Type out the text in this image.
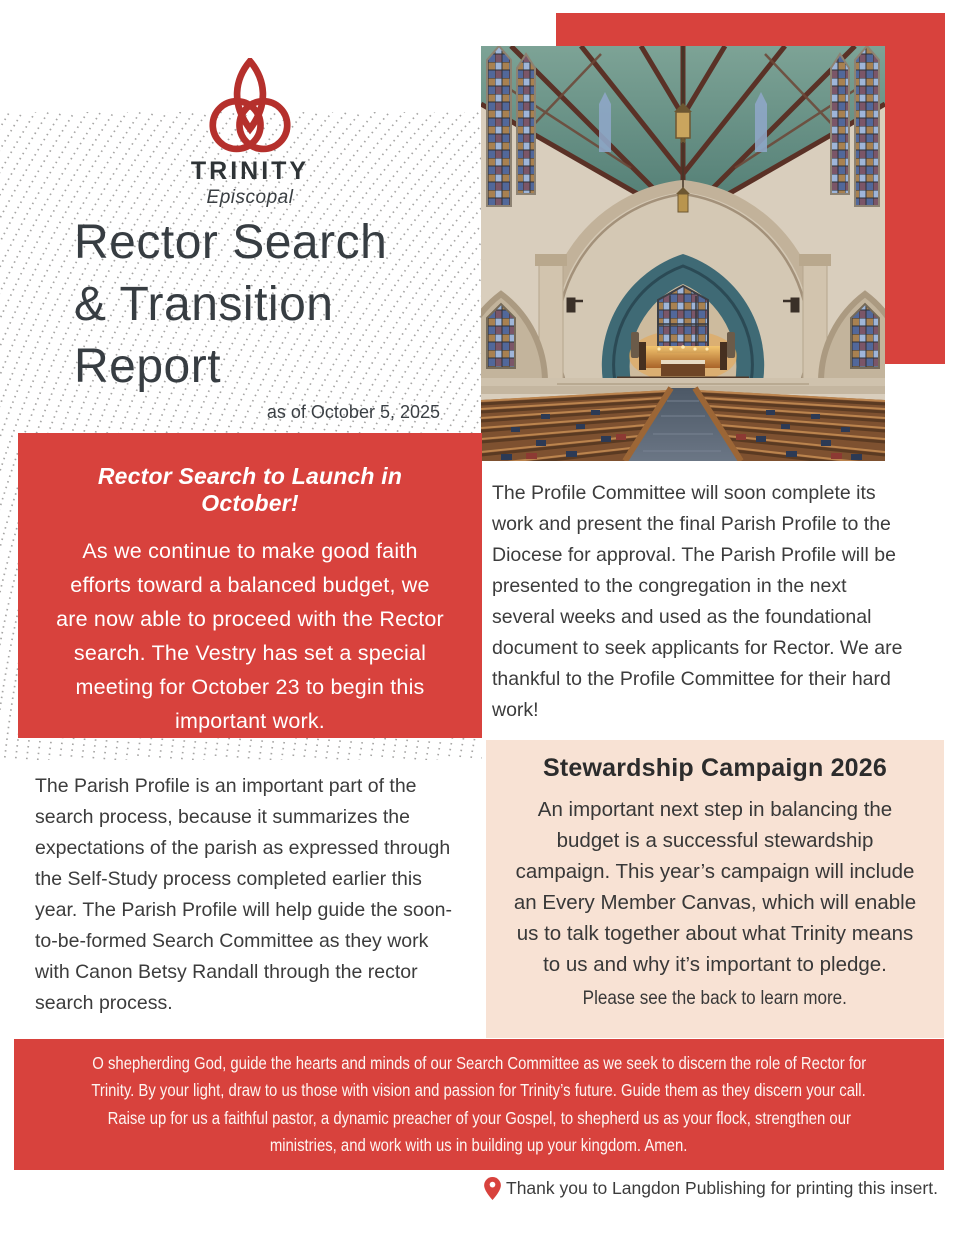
TRINITY
Episcopal
Rector Search
& Transition
Report
as of October 5, 2025
Rector Search to Launch in October!

As we continue to make good faith efforts toward a balanced budget, we are now able to proceed with the Rector search. The Vestry has set a special meeting for October 23 to begin this important work.

The Profile Committee will soon complete its work and present the final Parish Profile to the Diocese for approval. The Parish Profile will be presented to the congregation in the next several weeks and used as the foundational document to seek applicants for Rector. We are thankful to the Profile Committee for their hard work!

The Parish Profile is an important part of the search process, because it summarizes the expectations of the parish as expressed through the Self-Study process completed earlier this year. The Parish Profile will help guide the soon-to-be-formed Search Committee as they work with Canon Betsy Randall through the rector search process.

Stewardship Campaign 2026

An important next step in balancing the budget is a successful stewardship campaign. This year’s campaign will include an Every Member Canvas, which will enable us to talk together about what Trinity means to us and why it’s important to pledge.

Please see the back to learn more.

O shepherding God, guide the hearts and minds of our Search Committee as we seek to discern the role of Rector for
Trinity. By your light, draw to us those with vision and passion for Trinity’s future. Guide them as they discern your call.
Raise up for us a faithful pastor, a dynamic preacher of your Gospel, to shepherd us as your flock, strengthen our
ministries, and work with us in building up your kingdom. Amen.
Thank you to Langdon Publishing for printing this insert.
